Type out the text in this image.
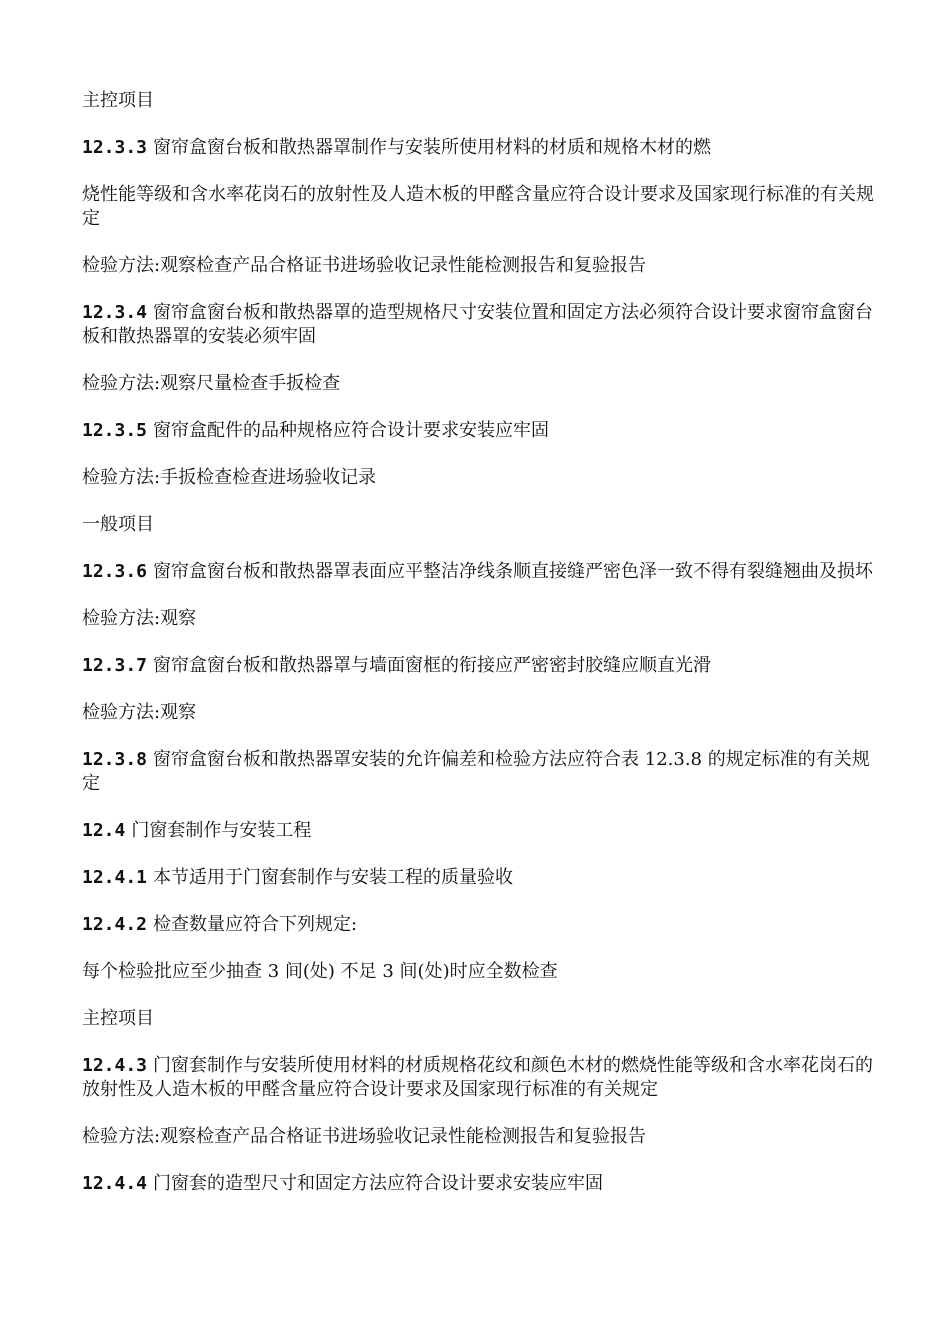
主控项目

12.3.3 窗帘盒窗台板和散热器罩制作与安装所使用材料的材质和规格木材的燃

烧性能等级和含水率花岗石的放射性及人造木板的甲醛含量应符合设计要求及国家现行标准的有关规定

检验方法:观察检查产品合格证书进场验收记录性能检测报告和复验报告

12.3.4 窗帘盒窗台板和散热器罩的造型规格尺寸安装位置和固定方法必须符合设计要求窗帘盒窗台板和散热器罩的安装必须牢固

检验方法:观察尺量检查手扳检查

12.3.5 窗帘盒配件的品种规格应符合设计要求安装应牢固

检验方法:手扳检查检查进场验收记录

一般项目

12.3.6 窗帘盒窗台板和散热器罩表面应平整洁净线条顺直接缝严密色泽一致不得有裂缝翘曲及损坏

检验方法:观察

12.3.7 窗帘盒窗台板和散热器罩与墙面窗框的衔接应严密密封胶缝应顺直光滑

检验方法:观察

12.3.8 窗帘盒窗台板和散热器罩安装的允许偏差和检验方法应符合表 12.3.8 的规定标准的有关规定

12.4 门窗套制作与安装工程

12.4.1 本节适用于门窗套制作与安装工程的质量验收

12.4.2 检查数量应符合下列规定:

每个检验批应至少抽查 3 间(处) 不足 3 间(处)时应全数检查

主控项目

12.4.3 门窗套制作与安装所使用材料的材质规格花纹和颜色木材的燃烧性能等级和含水率花岗石的放射性及人造木板的甲醛含量应符合设计要求及国家现行标准的有关规定

检验方法:观察检查产品合格证书进场验收记录性能检测报告和复验报告

12.4.4 门窗套的造型尺寸和固定方法应符合设计要求安装应牢固
